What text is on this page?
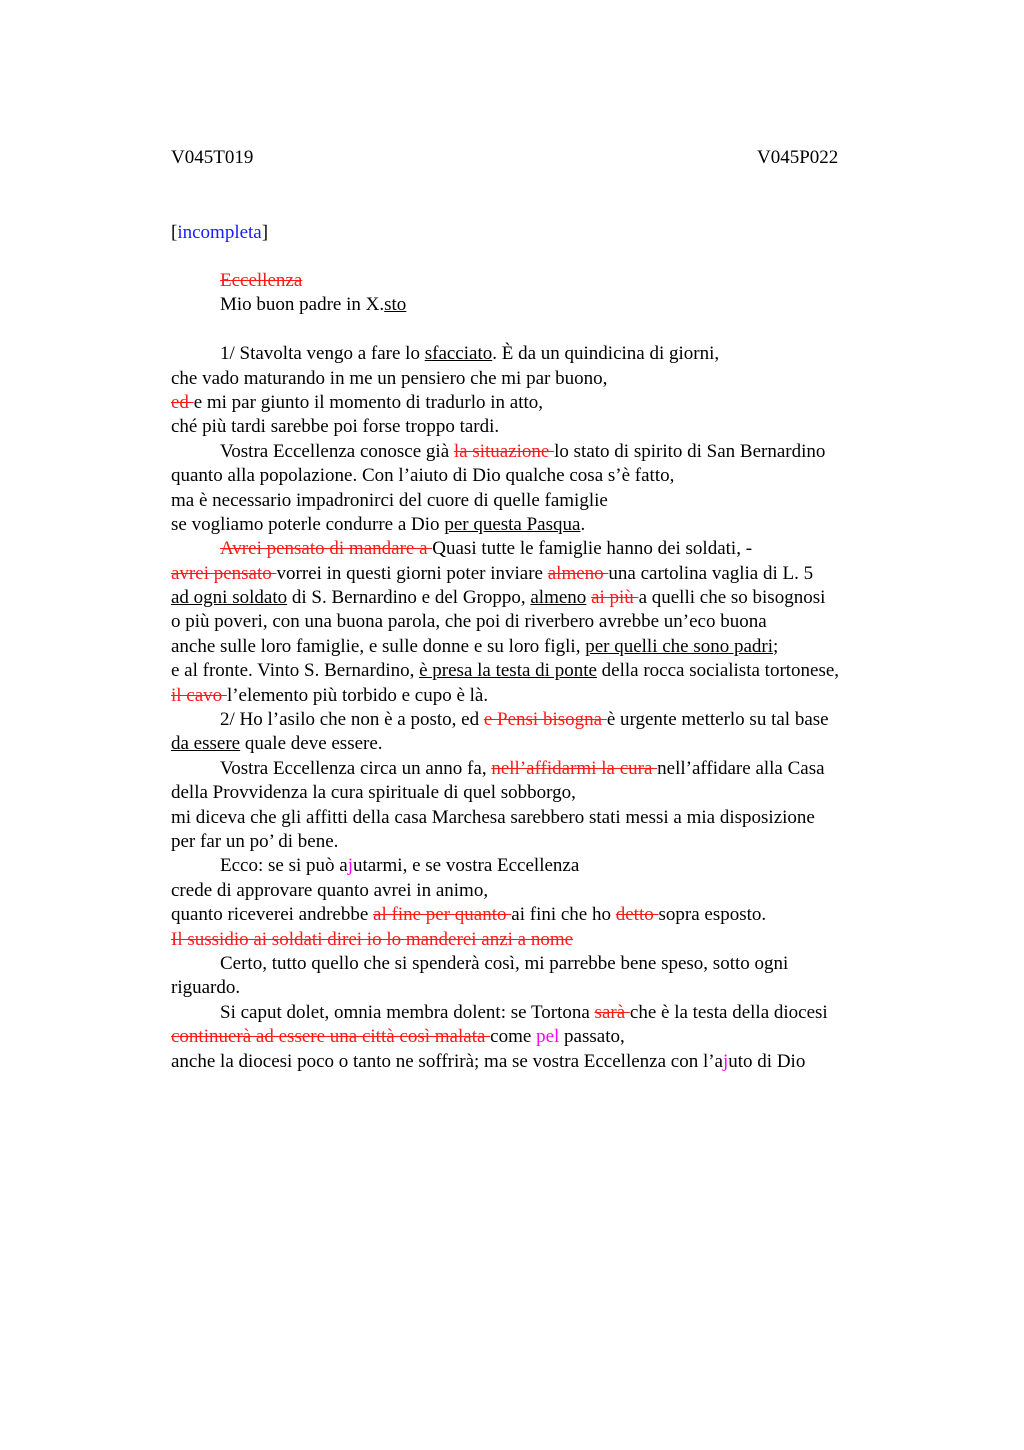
V045T019	V045P022
[incompleta]
Eccellenza
Mio buon padre in X.sto
1/ Stavolta vengo a fare lo sfacciato. È da un quindicina di giorni,
che vado maturando in me un pensiero che mi par buono,
ed e mi par giunto il momento di tradurlo in atto,
ché più tardi sarebbe poi forse troppo tardi.
Vostra Eccellenza conosce già la situazione lo stato di spirito di San Bernardino
quanto alla popolazione. Con l’aiuto di Dio qualche cosa s’è fatto,
ma è necessario impadronirci del cuore di quelle famiglie
se vogliamo poterle condurre a Dio per questa Pasqua.
Avrei pensato di mandare a Quasi tutte le famiglie hanno dei soldati, -
avrei pensato vorrei in questi giorni poter inviare almeno una cartolina vaglia di L. 5
ad ogni soldato di S. Bernardino e del Groppo, almeno ai più a quelli che so bisognosi
o più poveri, con una buona parola, che poi di riverbero avrebbe un’eco buona
anche sulle loro famiglie, e sulle donne e su loro figli, per quelli che sono padri;
e al fronte. Vinto S. Bernardino, è presa la testa di ponte della rocca socialista tortonese,
il cavo l’elemento più torbido e cupo è là.
2/ Ho l’asilo che non è a posto, ed e Pensi bisogna è urgente metterlo su tal base
da essere quale deve essere.
Vostra Eccellenza circa un anno fa, nell’affidarmi la cura nell’affidare alla Casa
della Provvidenza la cura spirituale di quel sobborgo,
mi diceva che gli affitti della casa Marchesa sarebbero stati messi a mia disposizione
per far un po’ di bene.
Ecco: se si può ajutarmi, e se vostra Eccellenza
crede di approvare quanto avrei in animo,
quanto riceverei andrebbe al fine per quanto ai fini che ho detto sopra esposto.
Il sussidio ai soldati direi io lo manderei anzi a nome
Certo, tutto quello che si spenderà così, mi parrebbe bene speso, sotto ogni
riguardo.
Si caput dolet, omnia membra dolent: se Tortona sarà che è la testa della diocesi
continuerà ad essere una città così malata come pel passato,
anche la diocesi poco o tanto ne soffrirà; ma se vostra Eccellenza con l’ajuto di Dio
